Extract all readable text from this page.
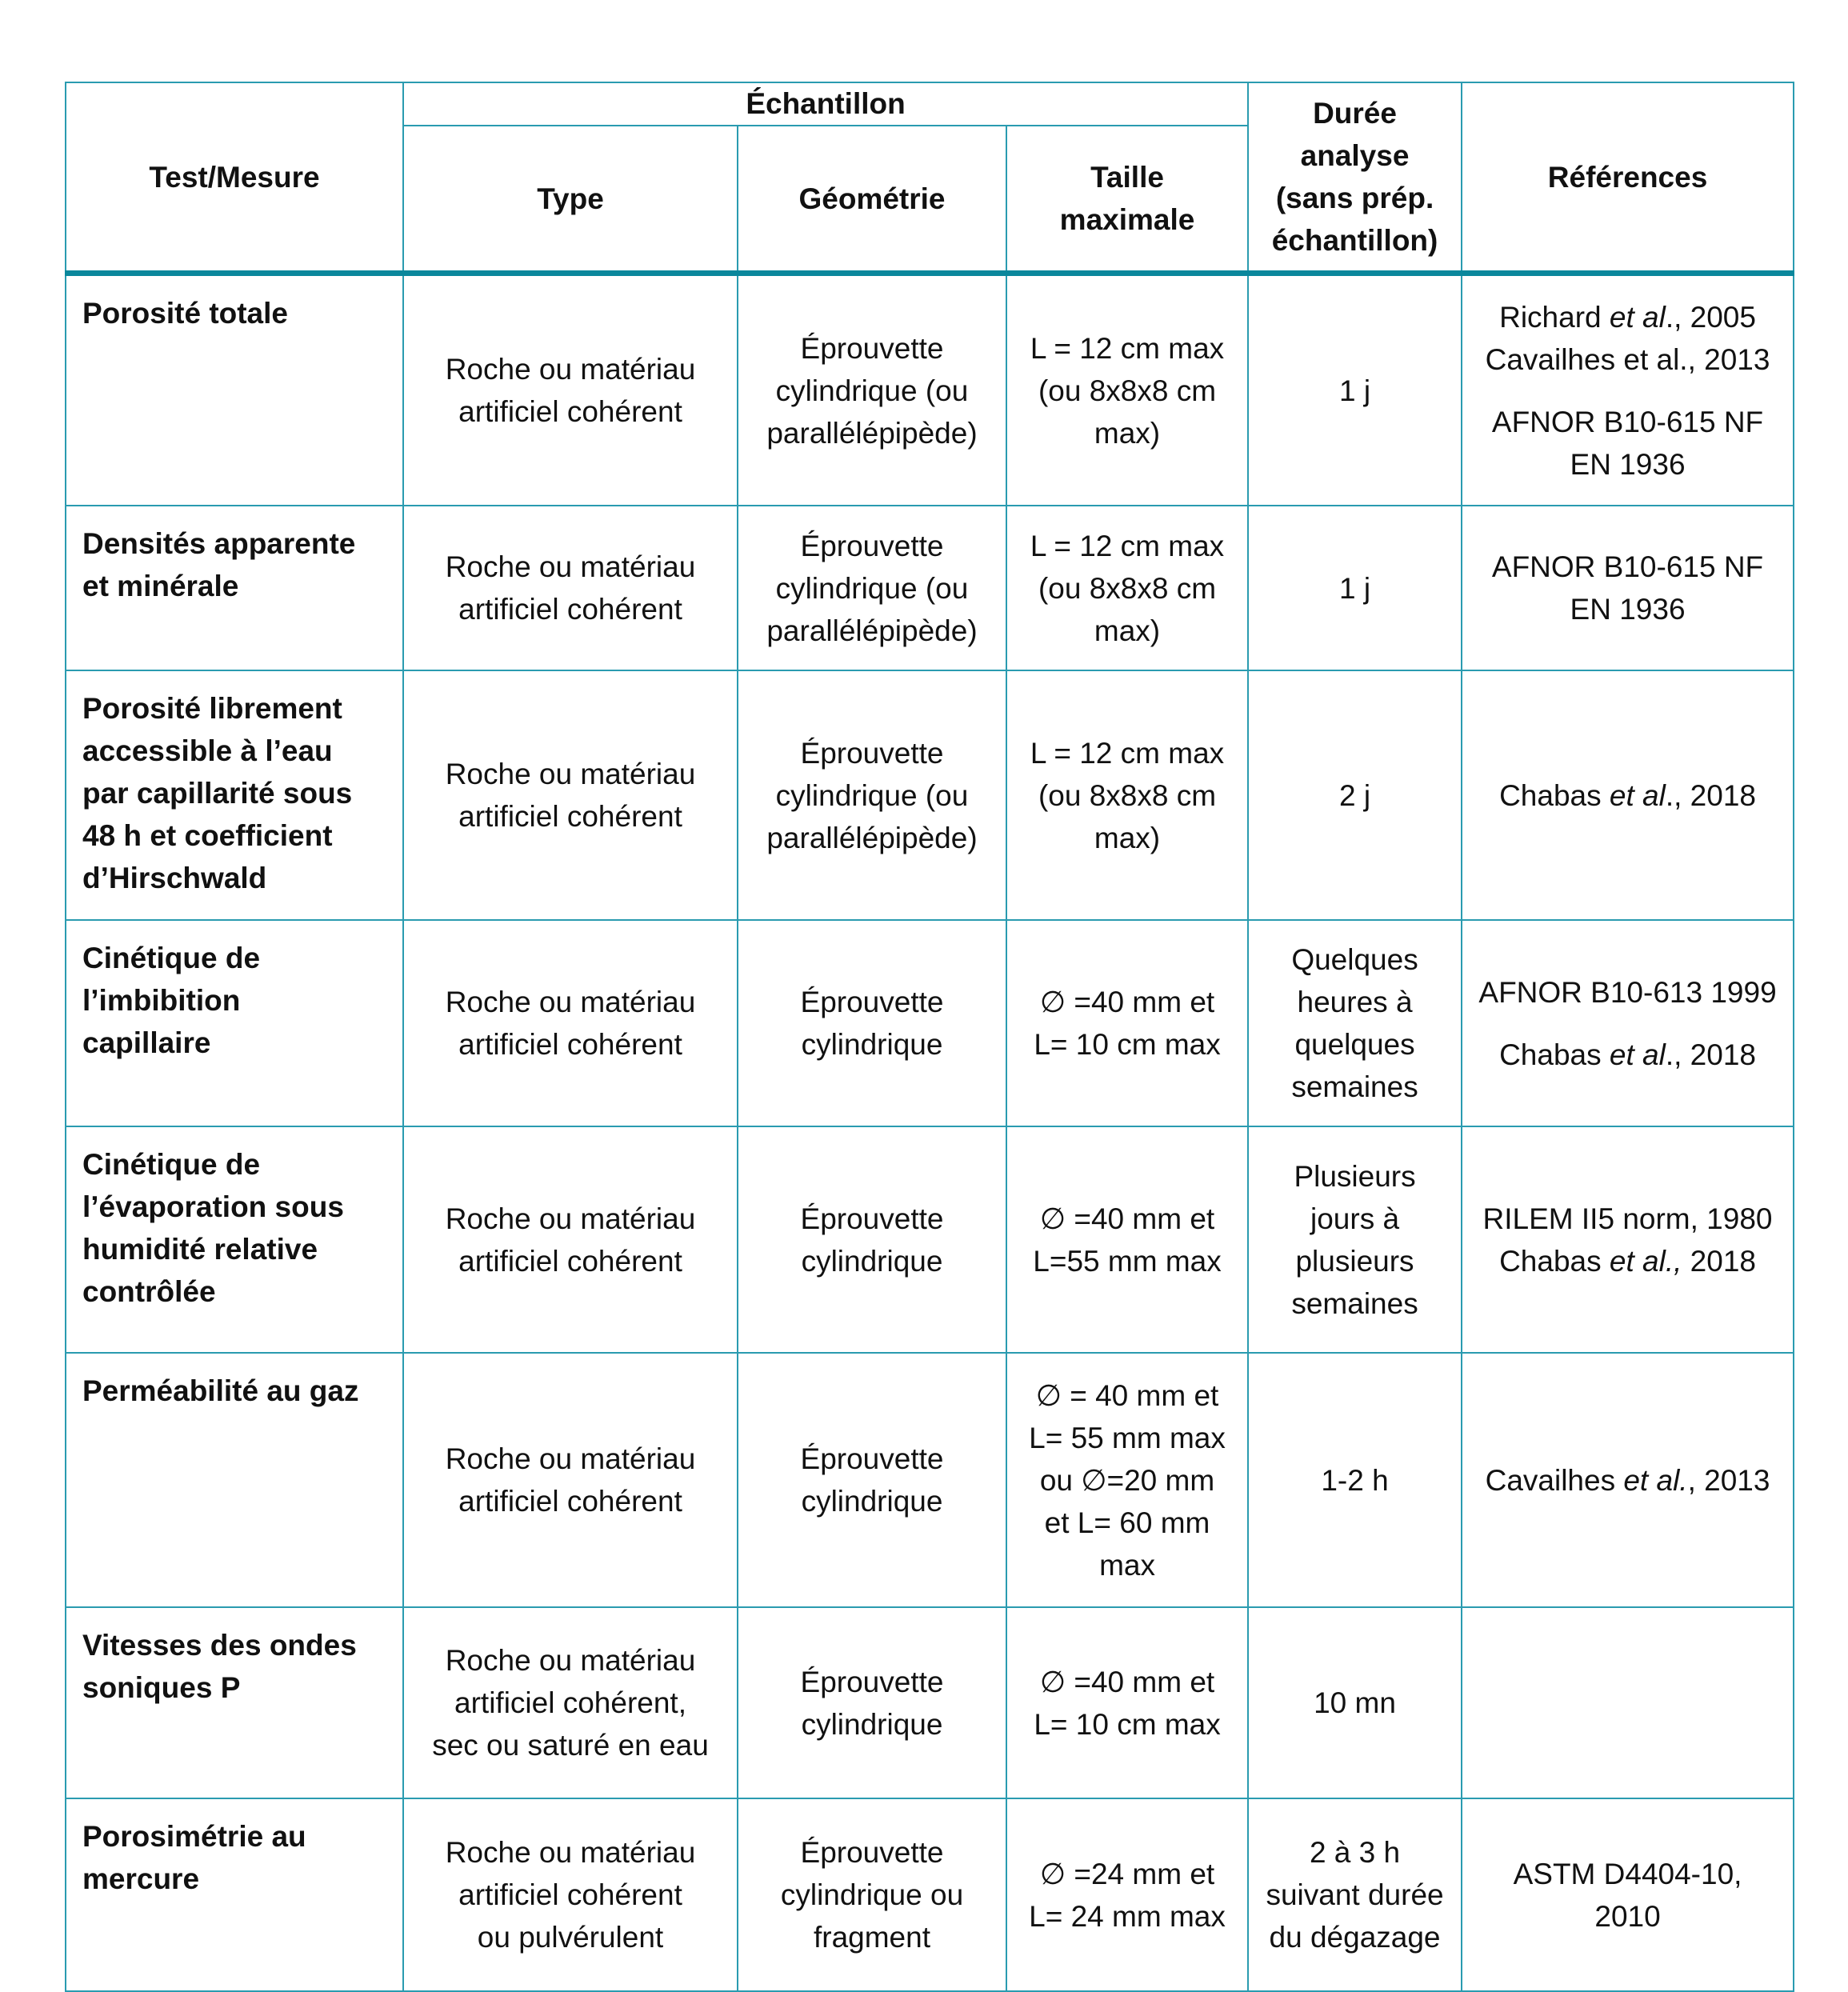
Test/Mesure	Échantillon			Durée
analyse
(sans prép.
échantillon)	Références
	Type	Géométrie	Taille
maximale		

Porosité totale	Roche ou matériau
artificiel cohérent	Éprouvette
cylindrique (ou
parallélépipède)	L = 12 cm max
(ou 8x8x8 cm
max)	1 j	Richard et al., 2005
Cavailhes et al., 2013
AFNOR B10-615 NF
EN 1936

Densités apparente
et minérale	Roche ou matériau
artificiel cohérent	Éprouvette
cylindrique (ou
parallélépipède)	L = 12 cm max
(ou 8x8x8 cm
max)	1 j	AFNOR B10-615 NF
EN 1936

Porosité librement
accessible à l’eau
par capillarité sous
48 h et coefficient
d’Hirschwald	Roche ou matériau
artificiel cohérent	Éprouvette
cylindrique (ou
parallélépipède)	L = 12 cm max
(ou 8x8x8 cm
max)	2 j	Chabas et al., 2018

Cinétique de
l’imbibition
capillaire	Roche ou matériau
artificiel cohérent	Éprouvette
cylindrique	∅ =40 mm et
L= 10 cm max	Quelques
heures à
quelques
semaines	AFNOR B10-613 1999
Chabas et al., 2018

Cinétique de
l’évaporation sous
humidité relative
contrôlée	Roche ou matériau
artificiel cohérent	Éprouvette
cylindrique	∅ =40 mm et
L=55 mm max	Plusieurs
jours à
plusieurs
semaines	RILEM II5 norm, 1980
Chabas et al., 2018

Perméabilité au gaz	Roche ou matériau
artificiel cohérent	Éprouvette
cylindrique	∅ = 40 mm et
L= 55 mm max
ou ∅=20 mm
et L= 60 mm
max	1-2 h	Cavailhes et al., 2013

Vitesses des ondes
soniques P	Roche ou matériau
artificiel cohérent,
sec ou saturé en eau	Éprouvette
cylindrique	∅ =40 mm et
L= 10 cm max	10 mn	

Porosimétrie au
mercure	Roche ou matériau
artificiel cohérent
ou pulvérulent	Éprouvette
cylindrique ou
fragment	∅ =24 mm et
L= 24 mm max	2 à 3 h
suivant durée
du dégazage	ASTM D4404-10,
2010
